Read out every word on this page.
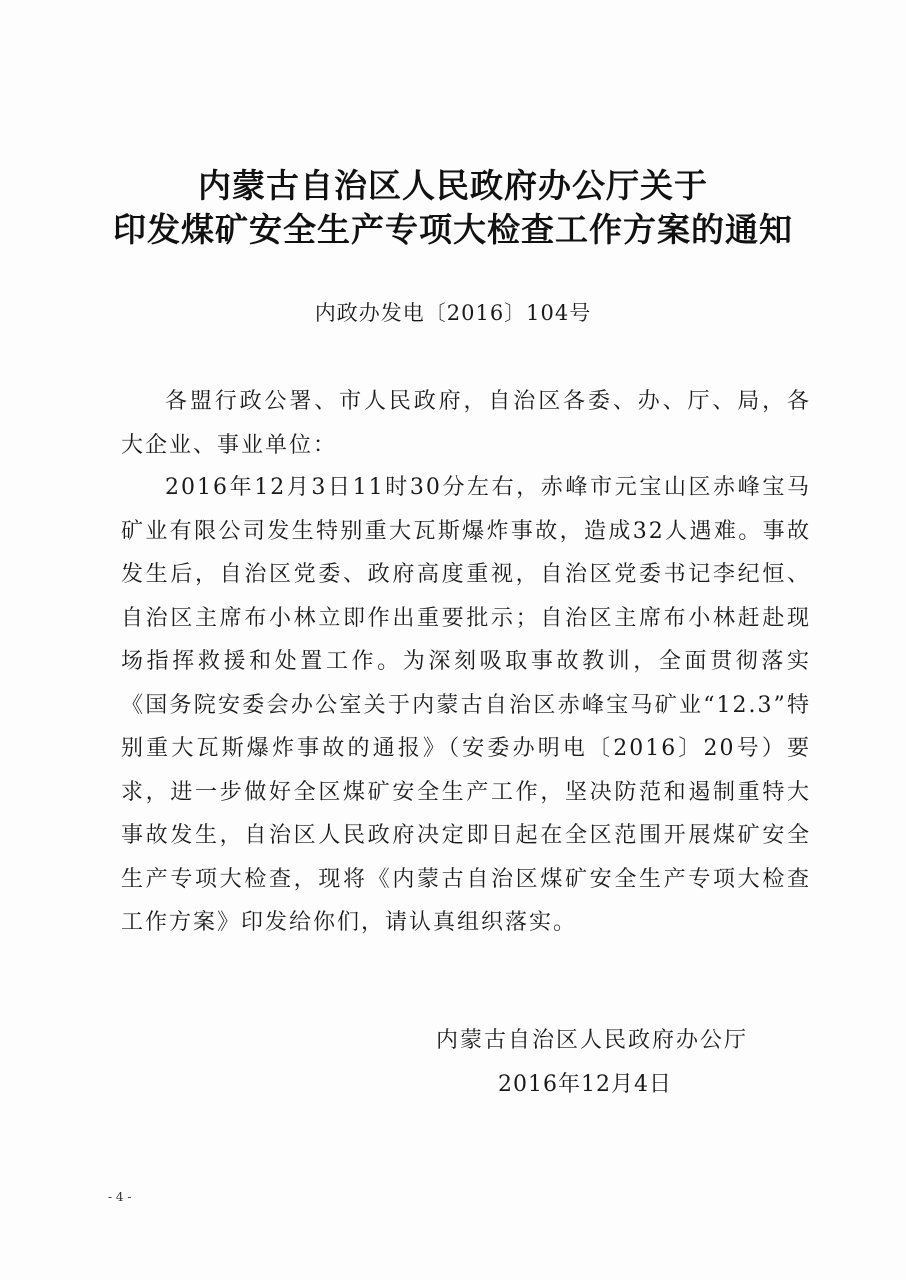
内蒙古自治区人民政府办公厅关于
印发煤矿安全生产专项大检查工作方案的通知
内政办发电〔2016〕104号
各盟行政公署、市人民政府，自治区各委、办、厅、局，各大企业、事业单位：
2016年12月3日11时30分左右，赤峰市元宝山区赤峰宝马矿业有限公司发生特别重大瓦斯爆炸事故，造成32人遇难。事故发生后，自治区党委、政府高度重视，自治区党委书记李纪恒、自治区主席布小林立即作出重要批示；自治区主席布小林赶赴现场指挥救援和处置工作。为深刻吸取事故教训，全面贯彻落实《国务院安委会办公室关于内蒙古自治区赤峰宝马矿业“12.3”特别重大瓦斯爆炸事故的通报》（安委办明电〔2016〕20号）要求，进一步做好全区煤矿安全生产工作，坚决防范和遏制重特大事故发生，自治区人民政府决定即日起在全区范围开展煤矿安全生产专项大检查，现将《内蒙古自治区煤矿安全生产专项大检查工作方案》印发给你们，请认真组织落实。
内蒙古自治区人民政府办公厅
2016年12月4日
- 4 -
